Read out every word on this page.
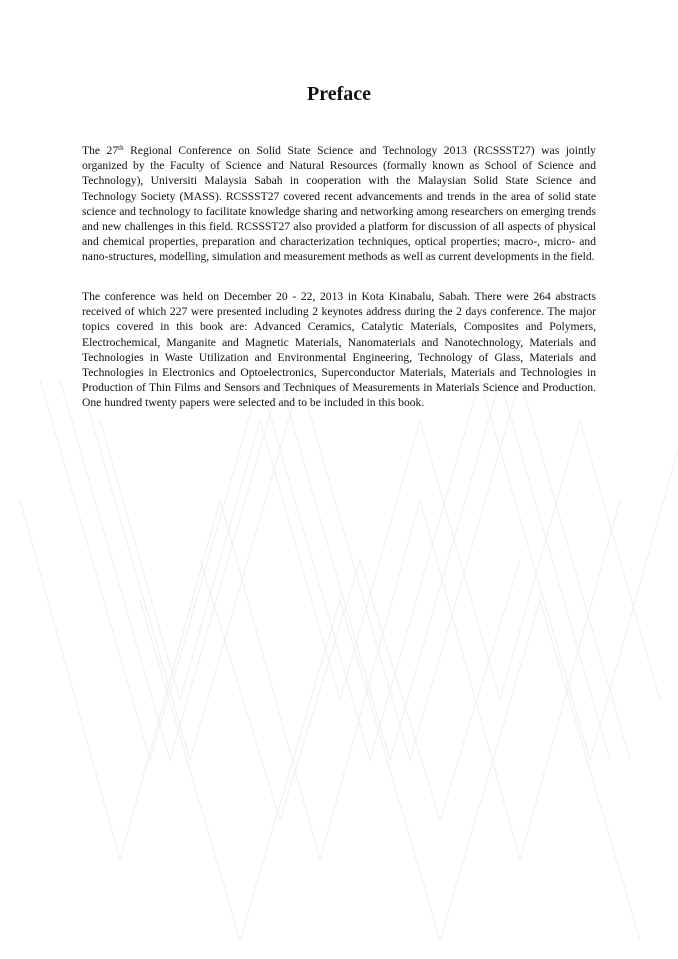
Preface

The 27th Regional Conference on Solid State Science and Technology 2013 (RCSSST27) was jointly organized by the Faculty of Science and Natural Resources (formally known as School of Science and Technology), Universiti Malaysia Sabah in cooperation with the Malaysian Solid State Science and Technology Society (MASS). RCSSST27 covered recent advancements and trends in the area of solid state science and technology to facilitate knowledge sharing and networking among researchers on emerging trends and new challenges in this field. RCSSST27 also provided a platform for discussion of all aspects of physical and chemical properties, preparation and characterization techniques, optical properties; macro-, micro- and nano-structures, modelling, simulation and measurement methods as well as current developments in the field.

The conference was held on December 20 - 22, 2013 in Kota Kinabalu, Sabah. There were 264 abstracts received of which 227 were presented including 2 keynotes address during the 2 days conference. The major topics covered in this book are: Advanced Ceramics, Catalytic Materials, Composites and Polymers, Electrochemical, Manganite and Magnetic Materials, Nanomaterials and Nanotechnology, Materials and Technologies in Waste Utilization and Environmental Engineering, Technology of Glass, Materials and Technologies in Electronics and Optoelectronics, Superconductor Materials, Materials and Technologies in Production of Thin Films and Sensors and Techniques of Measurements in Materials Science and Production. One hundred twenty papers were selected and to be included in this book.
